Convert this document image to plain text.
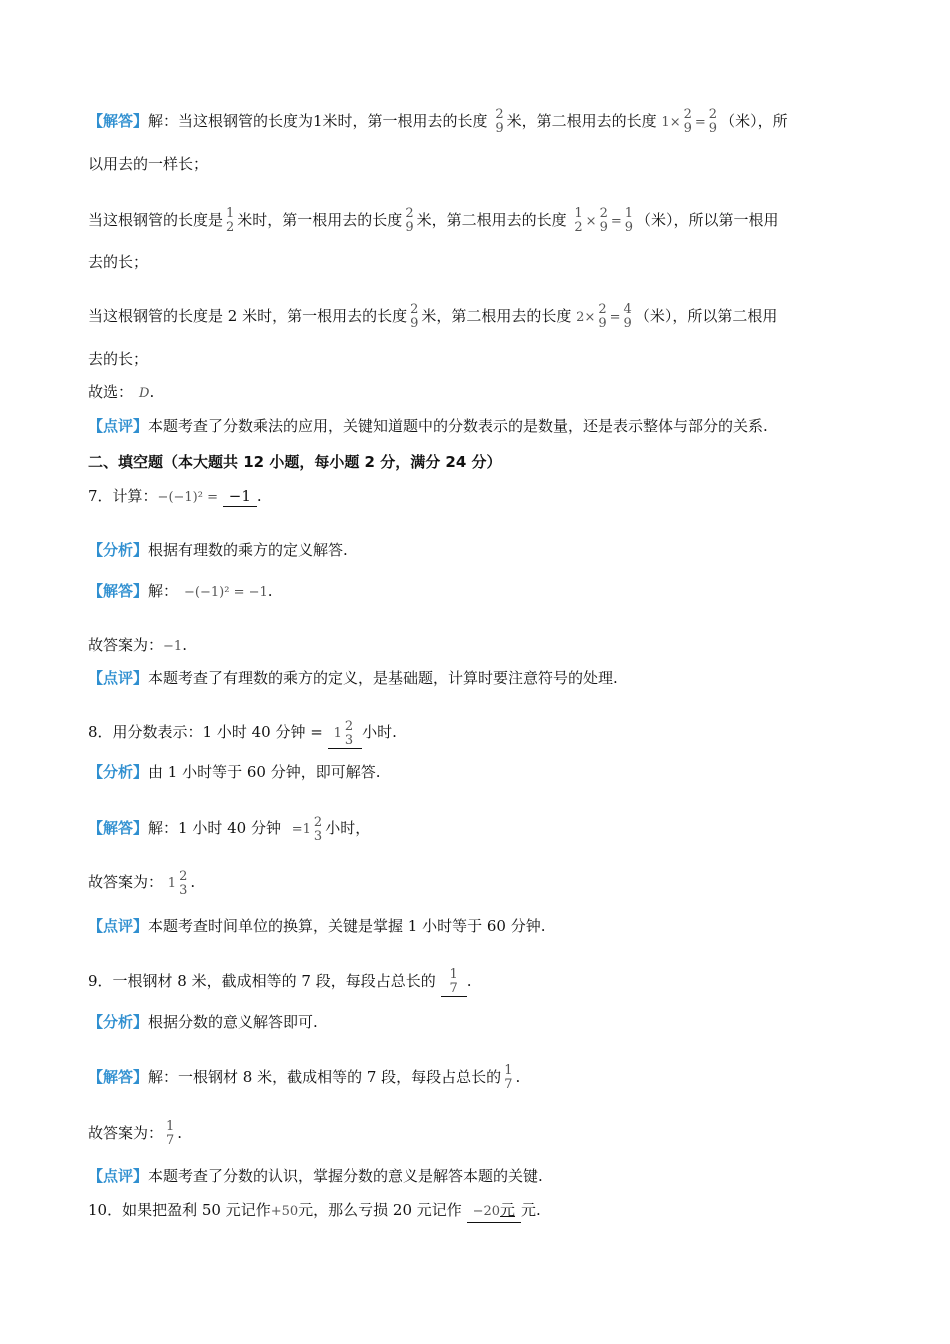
【解答】解：当这根钢管的长度为1米时，第一根用去的长度 2
9 米，第二根用去的长度 1×
2
9 =
2
9 （米），所
以用去的一样长；
当这根钢管的长度是 1
2 米时，第一根用去的长度 2
9 米，第二根用去的长度 1
2 ×
2
9 =
1
9 （米），所以第一根用
去的长；
当这根钢管的长度是 2 米时，第一根用去的长度 2
9 米，第二根用去的长度 2×
2
9 =
4
9 （米），所以第二根用
去的长；
故选： D.
【点评】本题考查了分数乘法的应用，关键知道题中的分数表示的是数量，还是表示整体与部分的关系.
二、填空题（本大题共 12 小题，每小题 2 分，满分 24 分）
7．计算：−(−1)² = −1 .
【分析】根据有理数的乘方的定义解答.
【解答】解： −(−1)² = −1.
故答案为：−1.
【点评】本题考查了有理数的乘方的定义，是基础题，计算时要注意符号的处理.
8．用分数表示：1 小时 40 分钟 = 1 2
3 小时.
【分析】由 1 小时等于 60 分钟，即可解答.
【解答】解：1 小时 40 分钟 = 1 2
3 小时，
故答案为： 1 2
3 .
【点评】本题考查时间单位的换算，关键是掌握 1 小时等于 60 分钟.
9．一根钢材 8 米，截成相等的 7 段，每段占总长的 1
7 .
【分析】根据分数的意义解答即可.
【解答】解：一根钢材 8 米，截成相等的 7 段，每段占总长的 1
7 .
故答案为： 1
7 .
【点评】本题考查了分数的认识，掌握分数的意义是解答本题的关键.
10．如果把盈利 50 元记作+50元，那么亏损 20 元记作 −20元 元.
